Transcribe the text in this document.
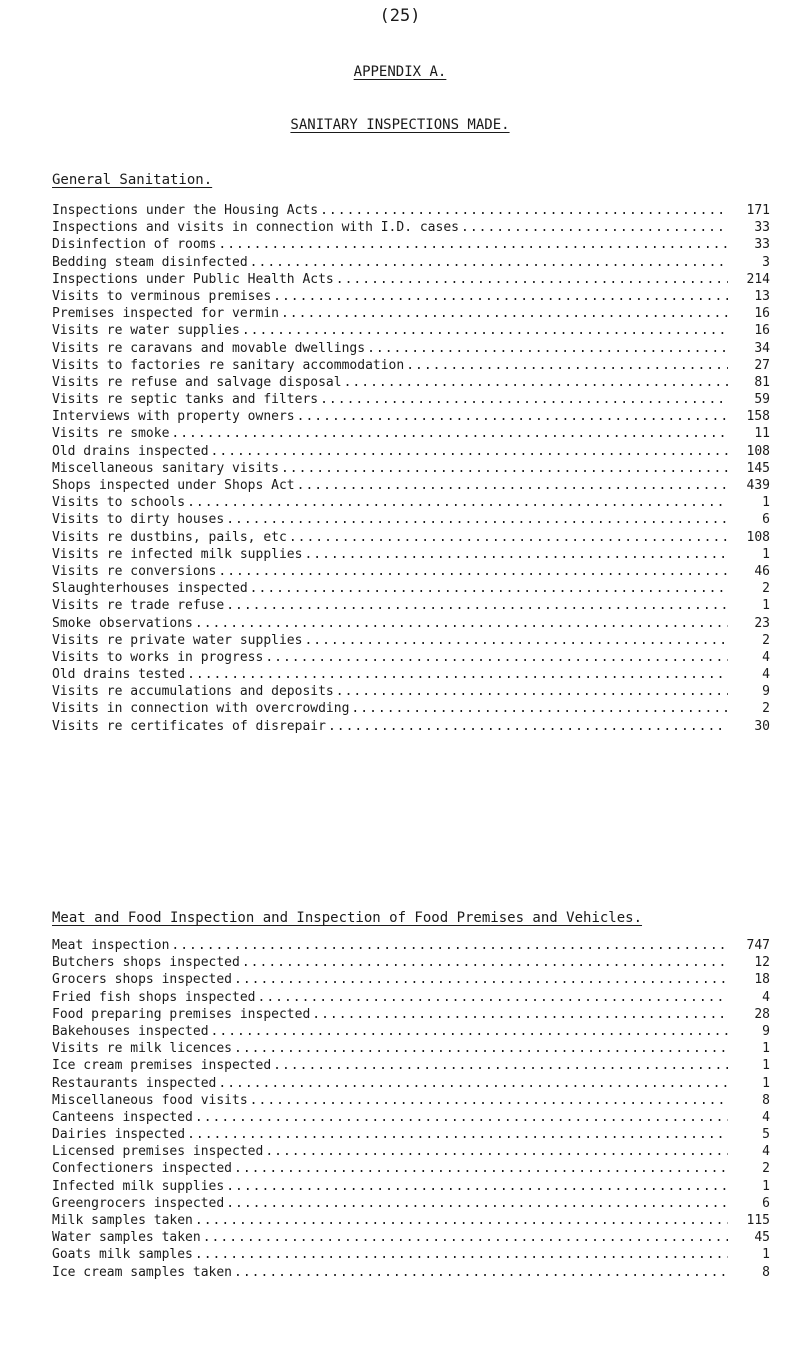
(25)
APPENDIX A.
SANITARY INSPECTIONS MADE.
General Sanitation.
Inspections under the Housing Acts .....	171
Inspections and visits in connection with I.D. cases .....	33
Disinfection of rooms .....	33
Bedding steam disinfected .....	3
Inspections under Public Health Acts .....	214
Visits to verminous premises .....	13
Premises inspected for vermin .....	16
Visits re water supplies .....	16
Visits re caravans and movable dwellings .....	34
Visits to factories re sanitary accommodation .....	27
Visits re refuse and salvage disposal .....	81
Visits re septic tanks and filters .....	59
Interviews with property owners .....	158
Visits re smoke .....	11
Old drains inspected .....	108
Miscellaneous sanitary visits .....	145
Shops inspected under Shops Act .....	439
Visits to schools .....	1
Visits to dirty houses .....	6
Visits re dustbins, pails, etc .....	108
Visits re infected milk supplies .....	1
Visits re conversions .....	46
Slaughterhouses inspected .....	2
Visits re trade refuse .....	1
Smoke observations .....	23
Visits re private water supplies .....	2
Visits to works in progress .....	4
Old drains tested .....	4
Visits re accumulations and deposits .....	9
Visits in connection with overcrowding .....	2
Visits re certificates of disrepair .....	30
Meat and Food Inspection and Inspection of Food Premises and Vehicles.
Meat inspection .....	747
Butchers shops inspected .....	12
Grocers shops inspected .....	18
Fried fish shops inspected .....	4
Food preparing premises inspected .....	28
Bakehouses inspected .....	9
Visits re milk licences .....	1
Ice cream premises inspected .....	1
Restaurants inspected .....	1
Miscellaneous food visits .....	8
Canteens inspected .....	4
Dairies inspected .....	5
Licensed premises inspected .....	4
Confectioners inspected .....	2
Infected milk supplies .....	1
Greengrocers inspected .....	6
Milk samples taken .....	115
Water samples taken .....	45
Goats milk samples .....	1
Ice cream samples taken .....	8
